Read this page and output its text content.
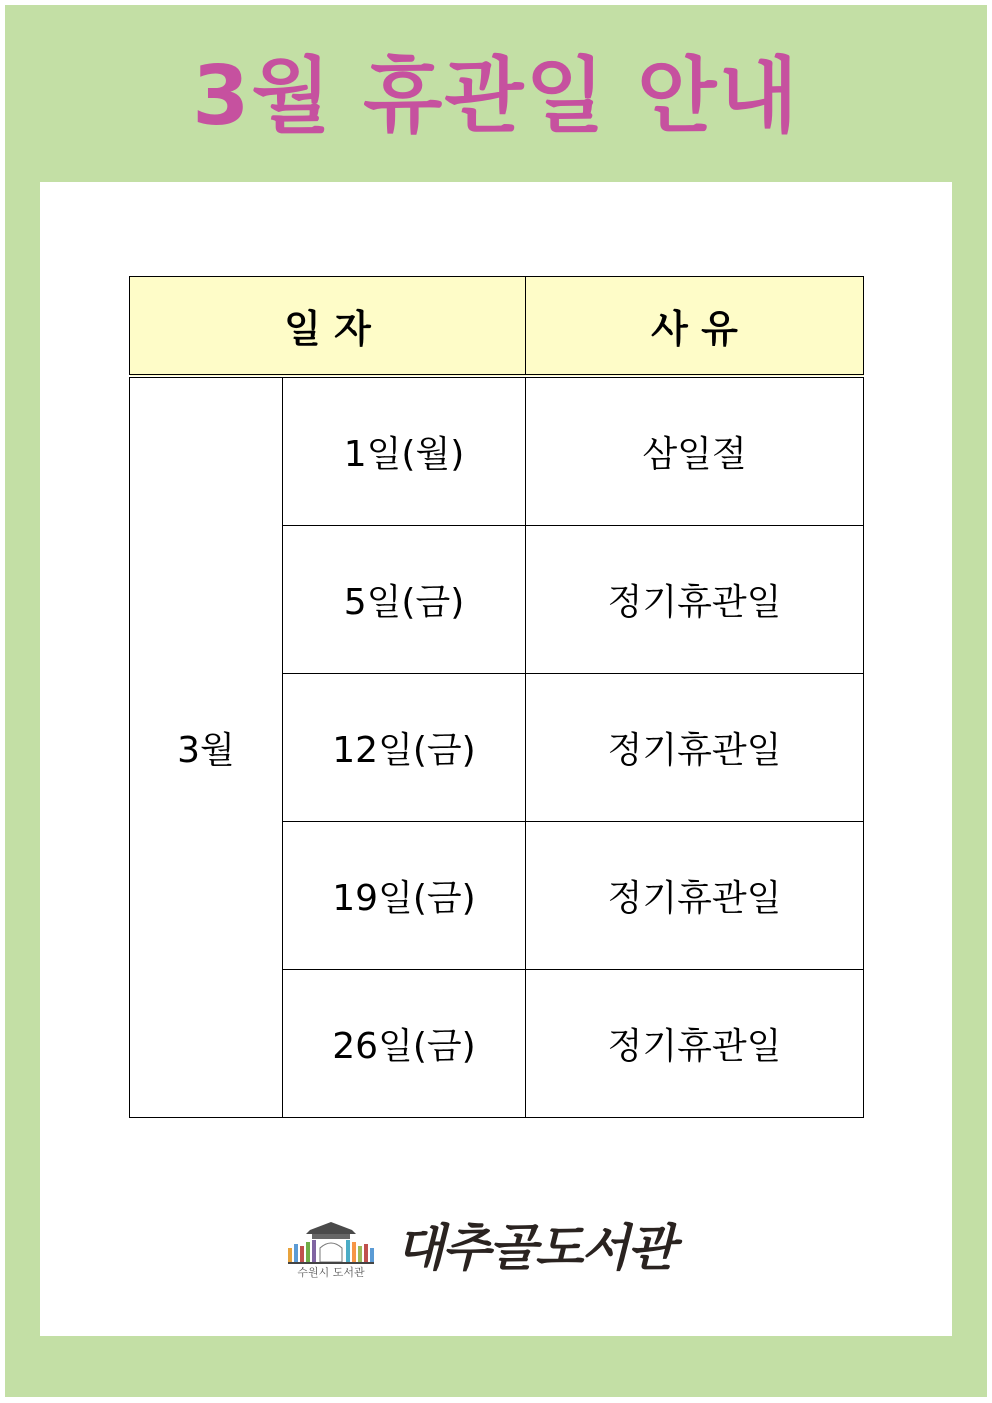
3월 휴관일 안내
일 자		사 유
3월	1일(월)	삼일절
	5일(금)	정기휴관일
	12일(금)	정기휴관일
	19일(금)	정기휴관일
	26일(금)	정기휴관일
수원시 도서관 대추골도서관
